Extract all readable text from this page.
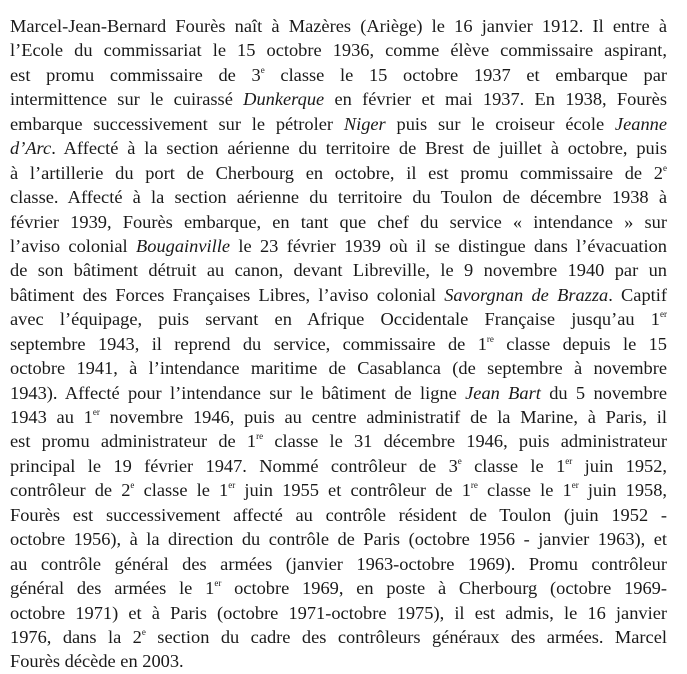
Marcel-Jean-Bernard Fourès naît à Mazères (Ariège) le 16 janvier 1912. Il entre à
l’Ecole du commissariat le 15 octobre 1936, comme élève commissaire aspirant,
est promu commissaire de 3e classe le 15 octobre 1937 et embarque par
intermittence sur le cuirassé Dunkerque en février et mai 1937. En 1938, Fourès
embarque successivement sur le pétroler Niger puis sur le croiseur école Jeanne
d’Arc. Affecté à la section aérienne du territoire de Brest de juillet à octobre, puis
à l’artillerie du port de Cherbourg en octobre, il est promu commissaire de 2e
classe. Affecté à la section aérienne du territoire du Toulon de décembre 1938 à
février 1939, Fourès embarque, en tant que chef du service « intendance » sur
l’aviso colonial Bougainville le 23 février 1939 où il se distingue dans l’évacuation
de son bâtiment détruit au canon, devant Libreville, le 9 novembre 1940 par un
bâtiment des Forces Françaises Libres, l’aviso colonial Savorgnan de Brazza. Captif
avec l’équipage, puis servant en Afrique Occidentale Française jusqu’au 1er
septembre 1943, il reprend du service, commissaire de 1re classe depuis le 15
octobre 1941, à l’intendance maritime de Casablanca (de septembre à novembre
1943). Affecté pour l’intendance sur le bâtiment de ligne Jean Bart du 5 novembre
1943 au 1er novembre 1946, puis au centre administratif de la Marine, à Paris, il
est promu administrateur de 1re classe le 31 décembre 1946, puis administrateur
principal le 19 février 1947. Nommé contrôleur de 3e classe le 1er juin 1952,
contrôleur de 2e classe le 1er juin 1955 et contrôleur de 1re classe le 1er juin 1958,
Fourès est successivement affecté au contrôle résident de Toulon (juin 1952 -
octobre 1956), à la direction du contrôle de Paris (octobre 1956 - janvier 1963), et
au contrôle général des armées (janvier 1963-octobre 1969). Promu contrôleur
général des armées le 1er octobre 1969, en poste à Cherbourg (octobre 1969-
octobre 1971) et à Paris (octobre 1971-octobre 1975), il est admis, le 16 janvier
1976, dans la 2e section du cadre des contrôleurs généraux des armées. Marcel
Fourès décède en 2003.
